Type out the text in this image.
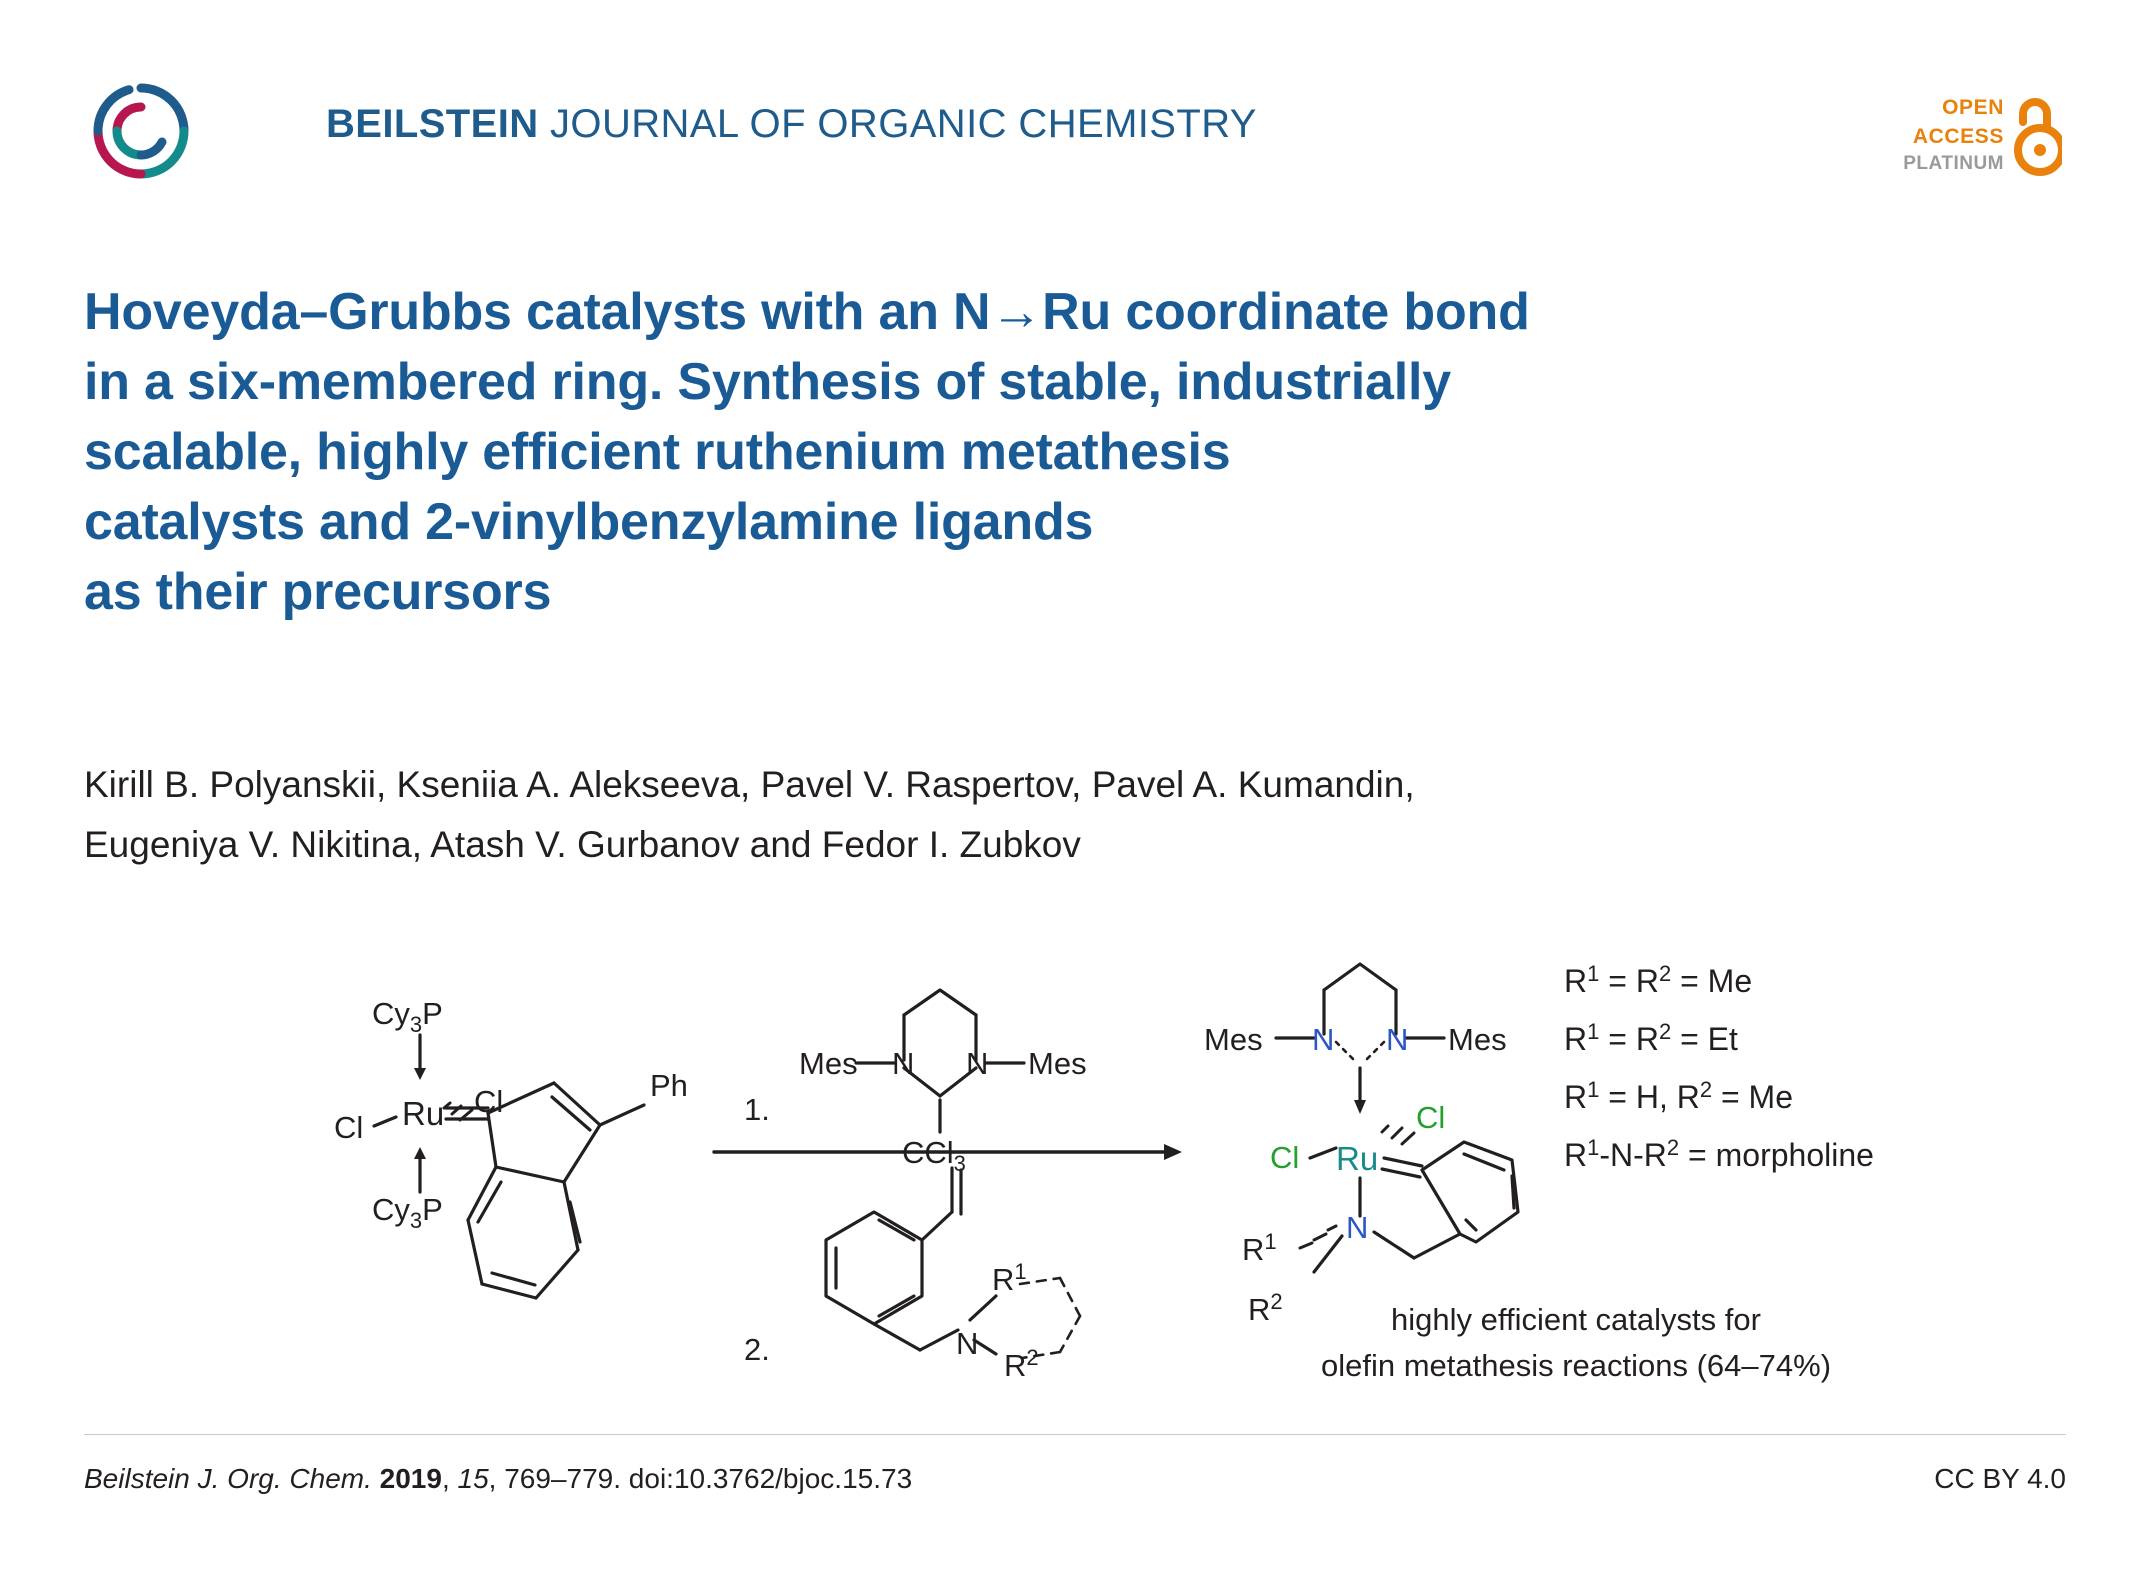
BEILSTEIN JOURNAL OF ORGANIC CHEMISTRY	OPEN
ACCESS
PLATINUM
Hoveyda–Grubbs catalysts with an N→Ru coordinate bond
in a six-membered ring. Synthesis of stable, industrially
scalable, highly efficient ruthenium metathesis
catalysts and 2-vinylbenzylamine ligands
as their precursors
Kirill B. Polyanskii, Kseniia A. Alekseeva, Pavel V. Raspertov, Pavel A. Kumandin,
Eugeniya V. Nikitina, Atash V. Gurbanov and Fedor I. Zubkov
$Cy_3P$
Cl
Cl Ru
$Cy_3P$
Ph
1.
Mes	Mes
N N
CCl$_3$
2.	N
$R^1$
$R^2$
Mes	Mes
N N
Ru
Cl
Cl
N
$R^1$
$R^2$
$R^1 = R^2 = Me$
$R^1 = R^2 = Et$
$R^1 = H$, $R^2 = Me$
$R^1-N-R^2$ = morpholine
highly efficient catalysts for
olefin metathesis reactions (64–74%)
Beilstein J. Org. Chem. 2019, 15, 769–779. doi:10.3762/bjoc.15.73	CC BY 4.0
